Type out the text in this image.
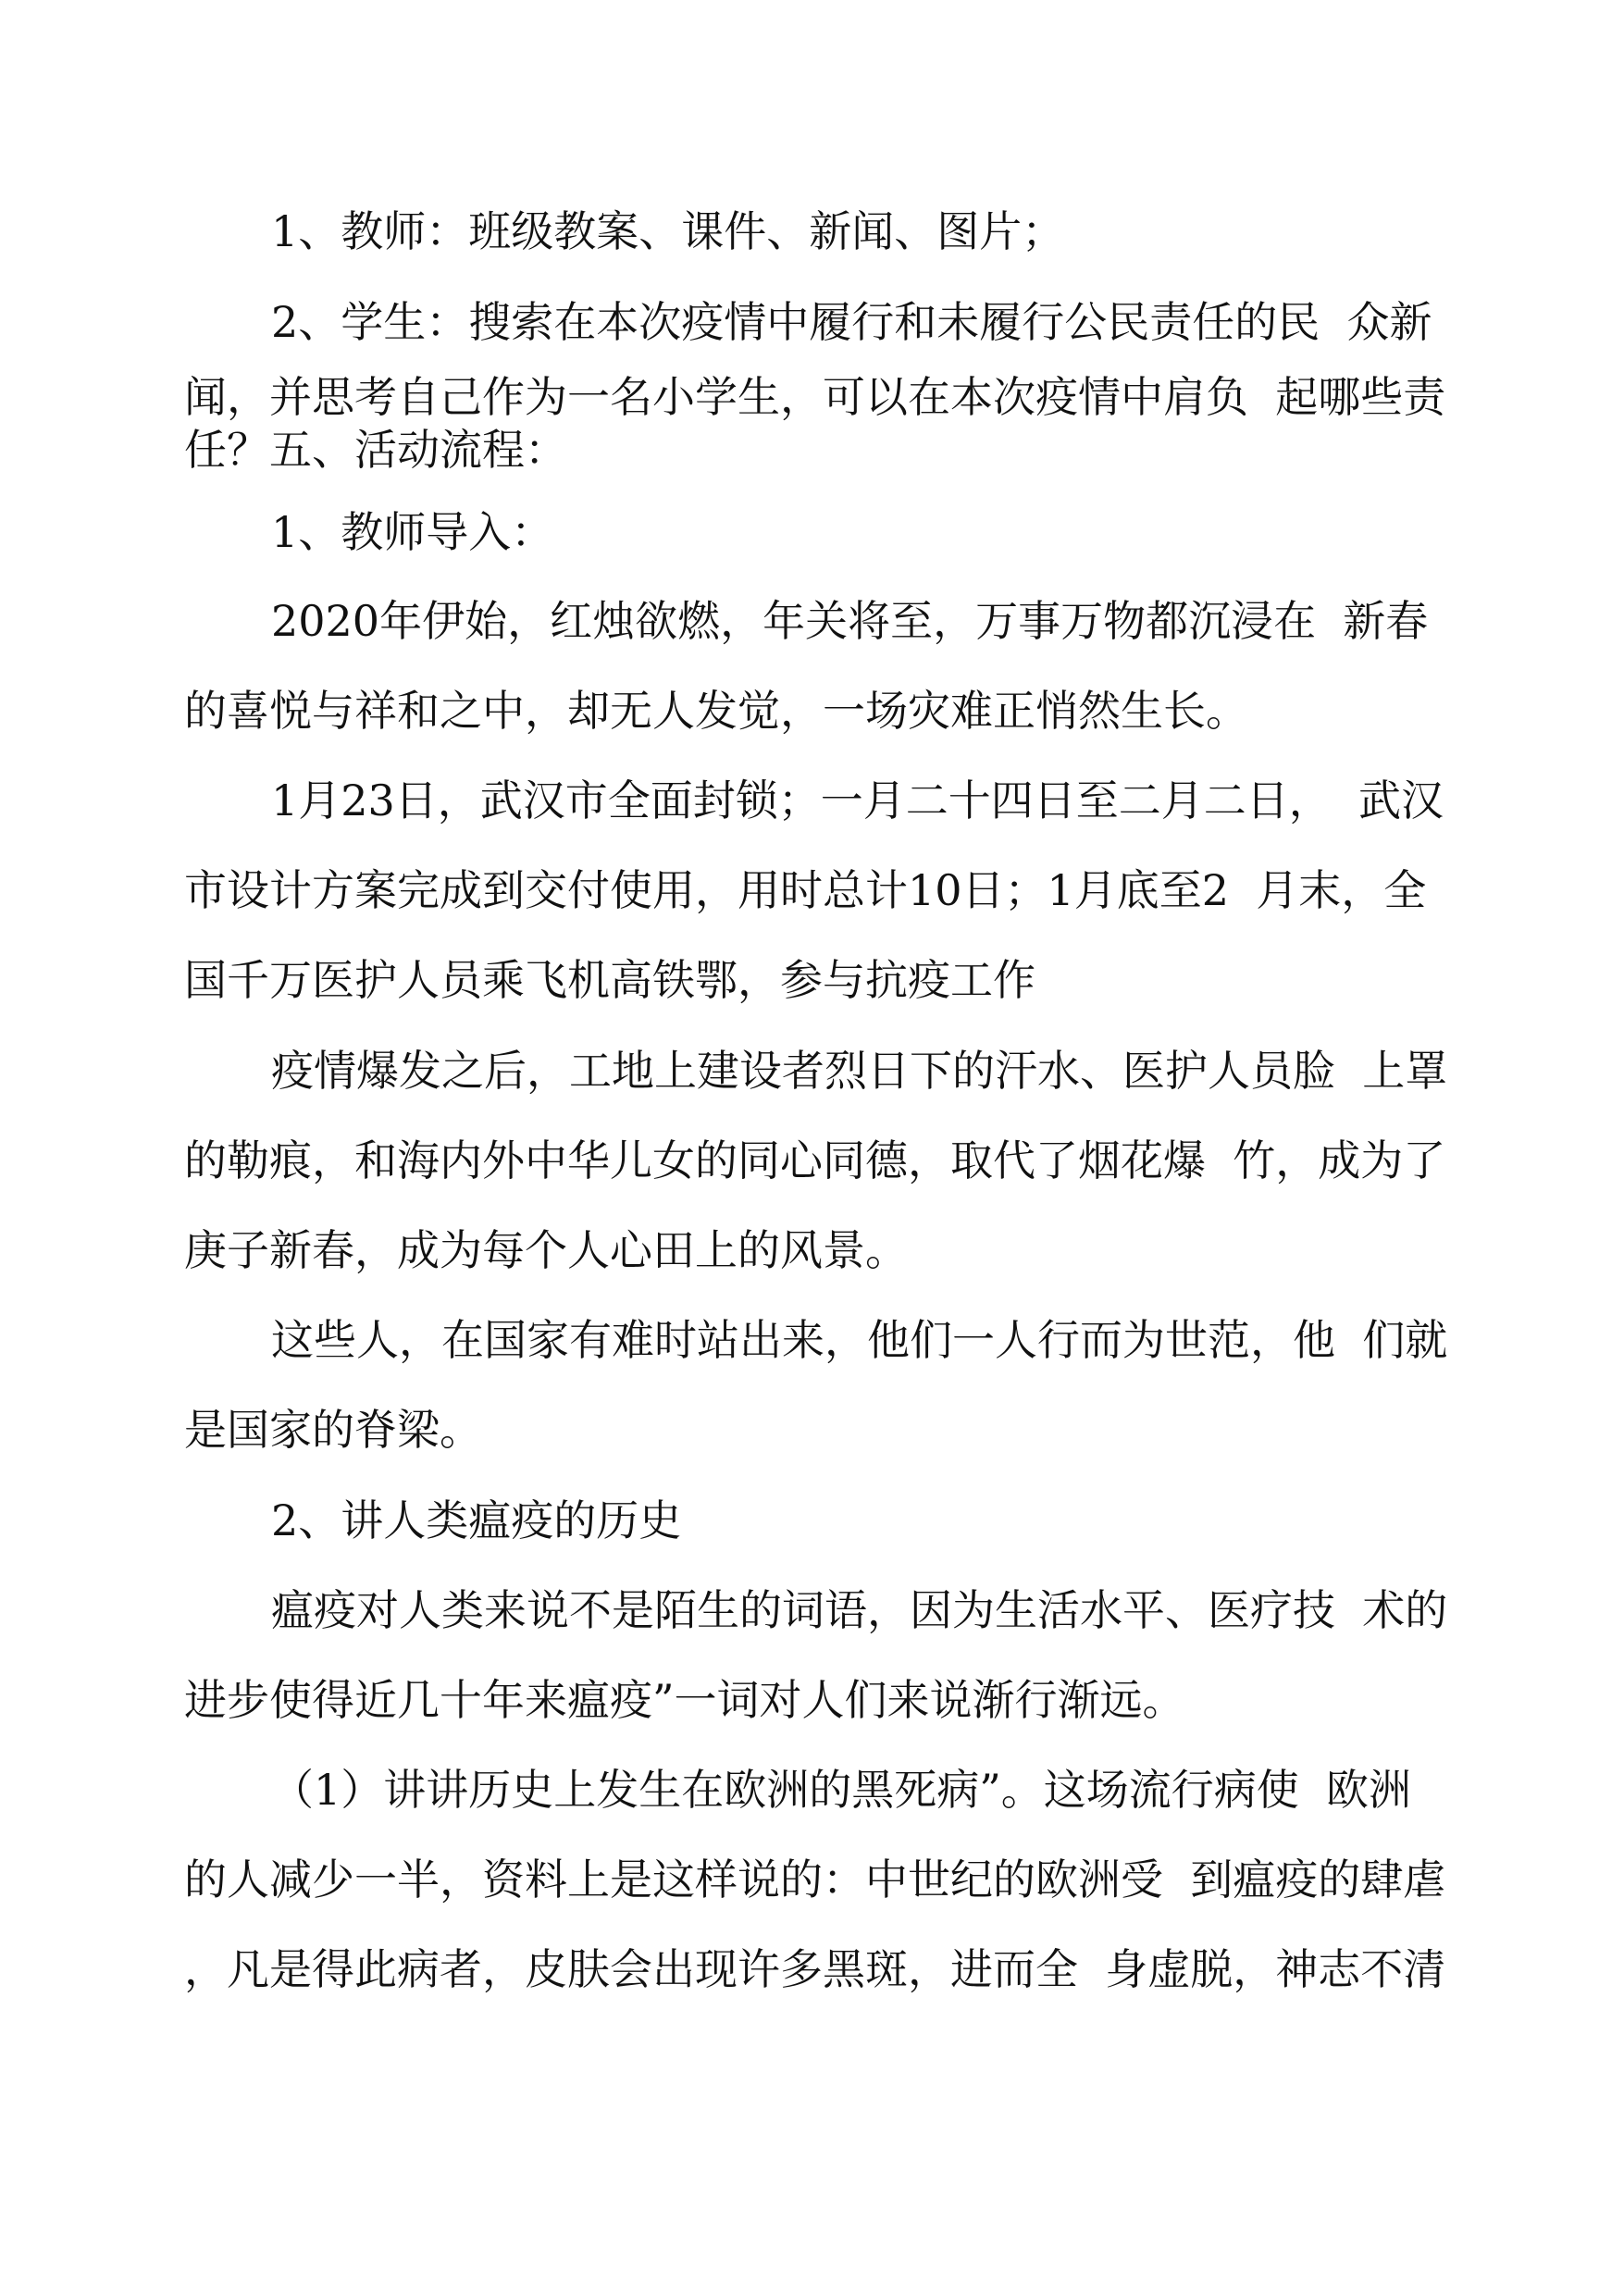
1、教师：班级教案、课件、新闻、图片；

2、学生：搜索在本次疫情中履行和未履行公民责任的民  众新

闻，并思考自己作为一名小学生，可以在本次疫情中肩负  起哪些责

任？五、活动流程：

1、教师导入：

2020年伊始，红烛欲燃，年关将至，万事万物都沉浸在  新春

的喜悦与祥和之中，却无人发觉，一场灾难正悄然生长。

1月23日，武汉市全面封锁；一月二十四日至二月二日，  武汉

市设计方案完成到交付使用，用时总计10日；1月底至2  月末，全

国千万医护人员乘飞机高铁鄂，参与抗疫工作

疫情爆发之后，工地上建设者烈日下的汗水、医护人员脸  上罩

的勒痕，和海内外中华儿女的同心同德，取代了烟花爆  竹，成为了

庚子新春，成为每个人心田上的风景。

这些人，在国家有难时站出来，他们一人行而为世范，他  们就

是国家的脊梁。

2、讲人类瘟疫的历史

瘟疫对人类来说不是陌生的词语，因为生活水平、医疗技  术的

进步使得近几十年来瘟疫”一词对人们来说渐行渐远。

（1）讲讲历史上发生在欧洲的黑死病”。这场流行病使  欧洲

的人减少一半，资料上是这样说的：中世纪的欧洲受  到瘟疫的肆虐

，凡是得此病者，皮肤会出现许多黑斑，进而全  身虚脱，神志不清
